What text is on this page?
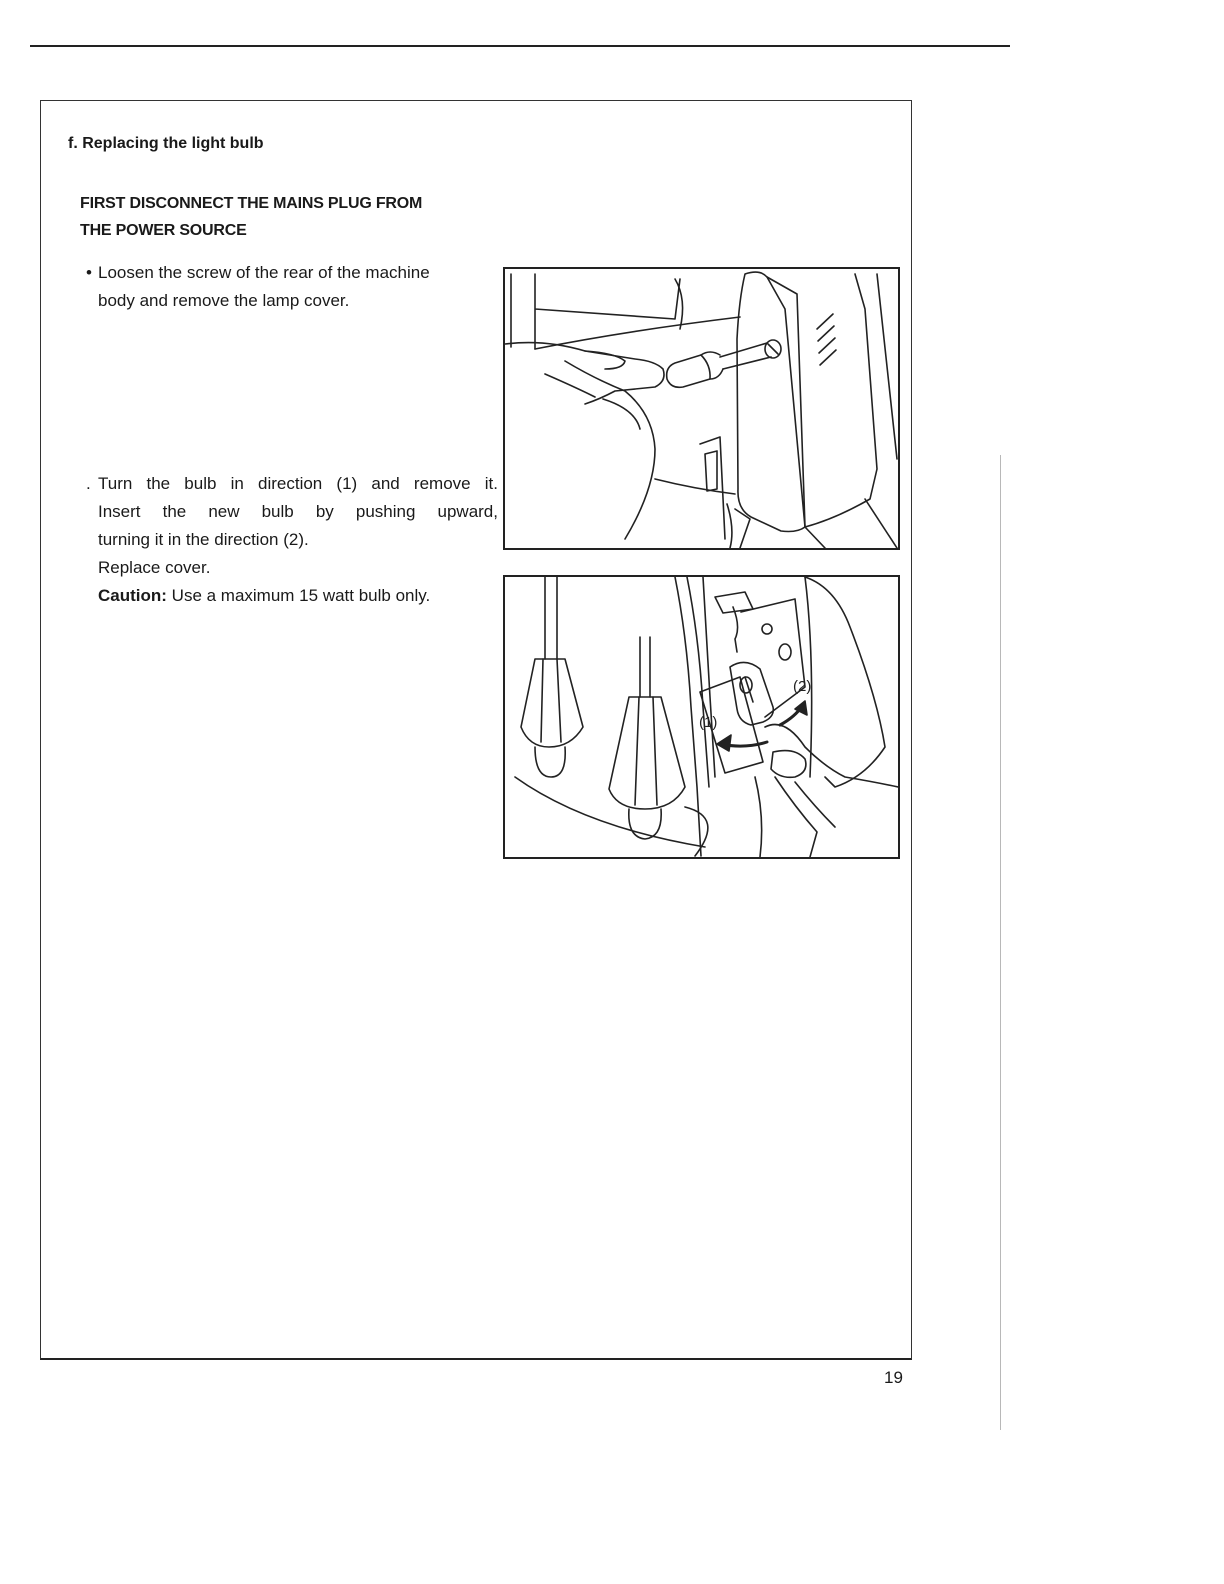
f. Replacing the light bulb
FIRST DISCONNECT THE MAINS PLUG FROM
THE POWER SOURCE
• Loosen the screw of the rear of the machine
body and remove the lamp cover.
. Turn the bulb in direction (1) and remove it.
Insert the new bulb by pushing upward,
turning it in the direction (2).
Replace cover.
Caution: Use a maximum 15 watt bulb only.
(1)
(2)
19
